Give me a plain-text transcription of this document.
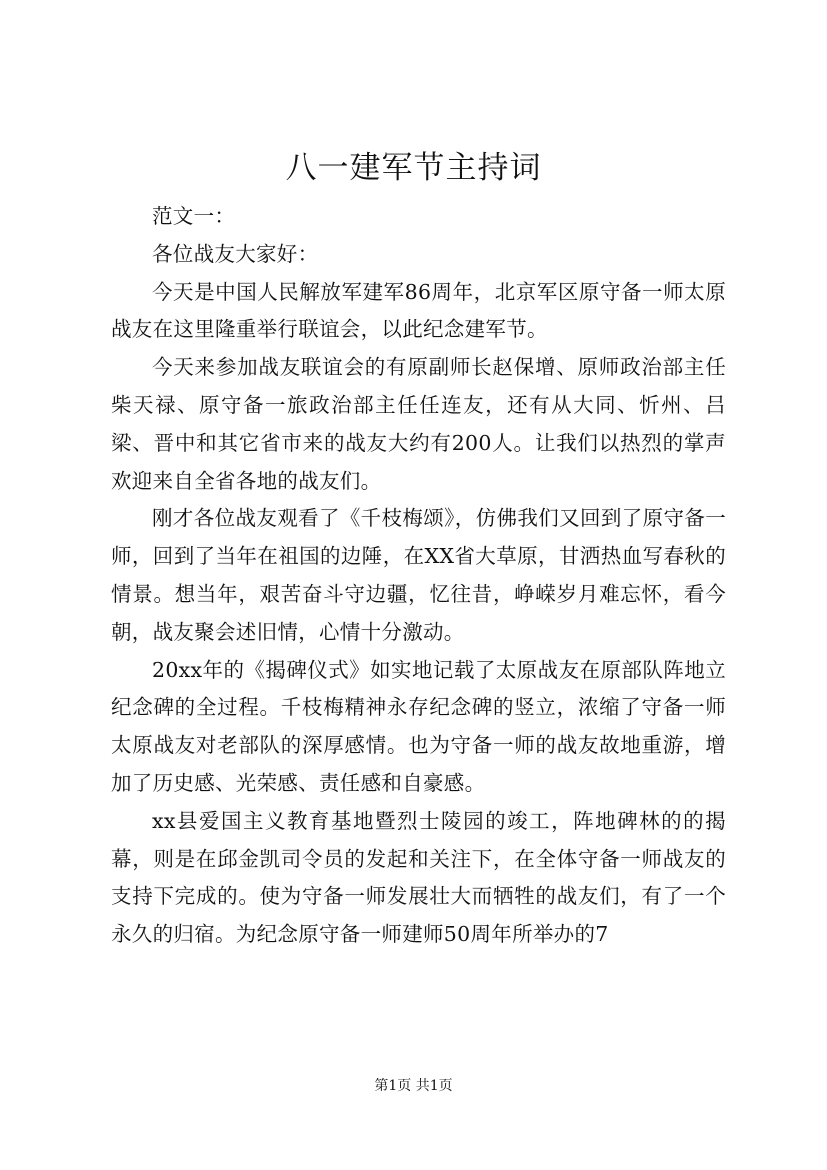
八一建军节主持词

范文一：

各位战友大家好：

今天是中国人民解放军建军86周年，北京军区原守备一师太原战友在这里隆重举行联谊会，以此纪念建军节。

今天来参加战友联谊会的有原副师长赵保增、原师政治部主任柴天禄、原守备一旅政治部主任任连友，还有从大同、忻州、吕梁、晋中和其它省市来的战友大约有200人。让我们以热烈的掌声欢迎来自全省各地的战友们。

刚才各位战友观看了《千枝梅颂》，仿佛我们又回到了原守备一师，回到了当年在祖国的边陲，在XX省大草原，甘洒热血写春秋的情景。想当年，艰苦奋斗守边疆，忆往昔，峥嵘岁月难忘怀，看今朝，战友聚会述旧情，心情十分激动。

20xx年的《揭碑仪式》如实地记载了太原战友在原部队阵地立纪念碑的全过程。千枝梅精神永存纪念碑的竖立，浓缩了守备一师太原战友对老部队的深厚感情。也为守备一师的战友故地重游，增加了历史感、光荣感、责任感和自豪感。

xx县爱国主义教育基地暨烈士陵园的竣工，阵地碑林的的揭幕，则是在邱金凯司令员的发起和关注下，在全体守备一师战友的支持下完成的。使为守备一师发展壮大而牺牲的战友们，有了一个永久的归宿。为纪念原守备一师建师50周年所举办的7

第1页 共1页
